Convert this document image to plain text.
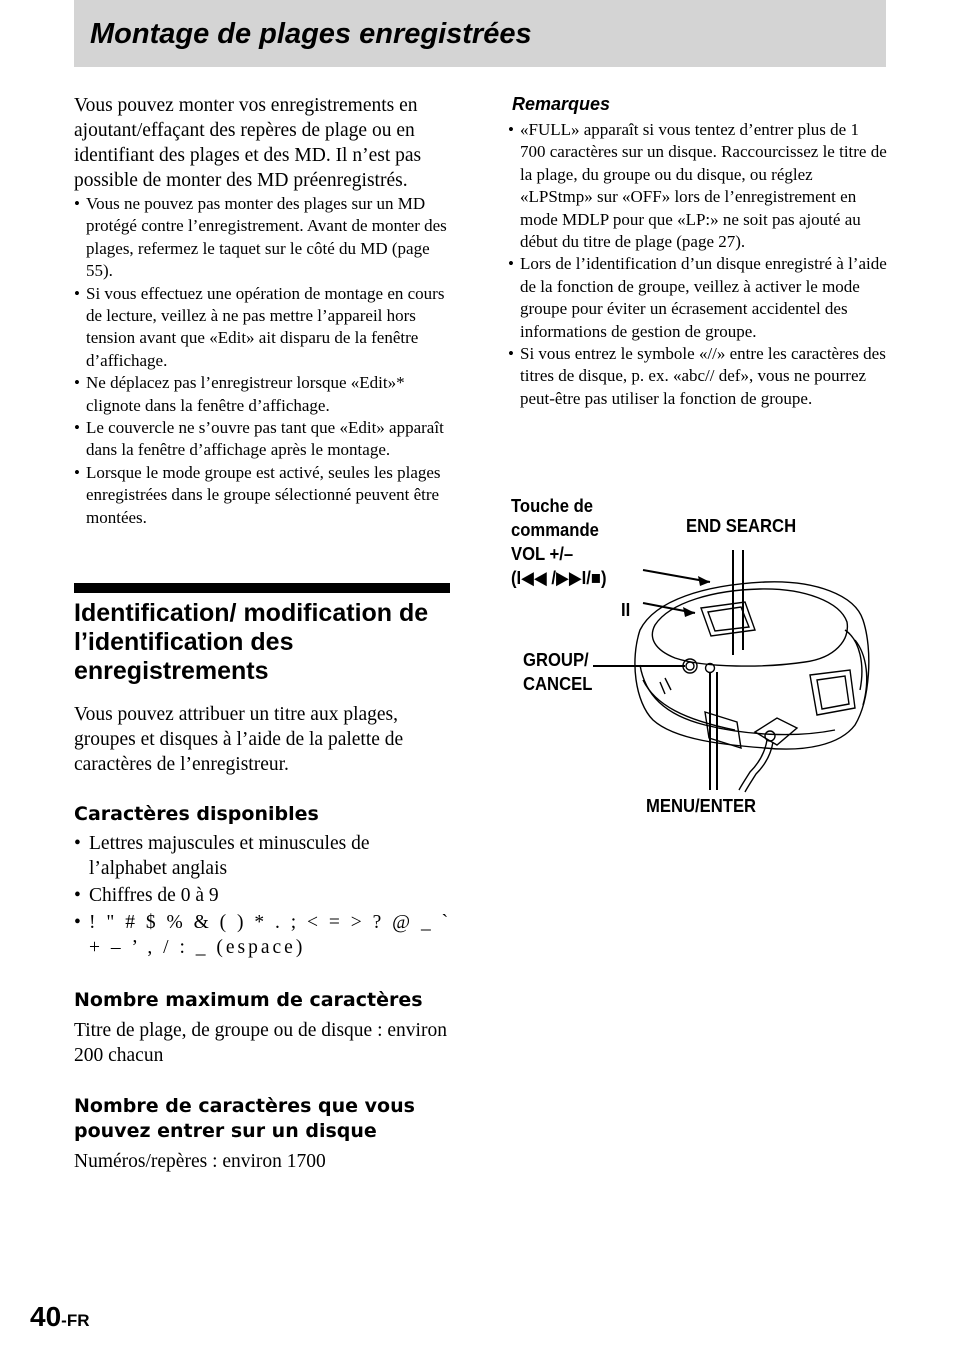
Montage de plages enregistrées

Vous pouvez monter vos enregistrements en ajoutant/effaçant des repères de plage ou en identifiant des plages et des MD. Il n’est pas possible de monter des MD préenregistrés.

• Vous ne pouvez pas monter des plages sur un MD protégé contre l’enregistrement. Avant de monter des plages, refermez le taquet sur le côté du MD (page 55).
• Si vous effectuez une opération de montage en cours de lecture, veillez à ne pas mettre l’appareil hors tension avant que «Edit» ait disparu de la fenêtre d’affichage.
• Ne déplacez pas l’enregistreur lorsque «Edit»* clignote dans la fenêtre d’affichage.
• Le couvercle ne s’ouvre pas tant que «Edit» apparaît dans la fenêtre d’affichage après le montage.
• Lorsque le mode groupe est activé, seules les plages enregistrées dans le groupe sélectionné peuvent être montées.
Identification/ modification de l’identification des enregistrements

Vous pouvez attribuer un titre aux plages, groupes et disques à l’aide de la palette de caractères de l’enregistreur.

Caractères disponibles
• Lettres majuscules et minuscules de l’alphabet anglais
• Chiffres de 0 à 9
• ! " # $ % & ( ) * . ; < = > ? @ _ ` + – ’ , / : _ (espace)
Nombre maximum de caractères

Titre de plage, de groupe ou de disque : environ 200 chacun

Nombre de caractères que vous pouvez entrer sur un disque

Numéros/repères : environ 1700

Remarques
• «FULL» apparaît si vous tentez d’entrer plus de 1 700 caractères sur un disque. Raccourcissez le titre de la plage, du groupe ou du disque, ou réglez «LPStmp» sur «OFF» lors de l’enregistrement en mode MDLP pour que «LP:» ne soit pas ajouté au début du titre de plage (page 27).
• Lors de l’identification d’un disque enregistré à l’aide de la fonction de groupe, veillez à activer le mode groupe pour éviter un écrasement accidentel des informations de gestion de groupe.
• Si vous entrez le symbole «//» entre les caractères des titres de disque, p. ex. «abc// def», vous ne pourrez peut-être pas utiliser la fonction de groupe.
Touche de
commande
VOL +/–
(I◀◀ /▶▶I/■)
II
END SEARCH
GROUP/
CANCEL
MENU/ENTER
40-FR
